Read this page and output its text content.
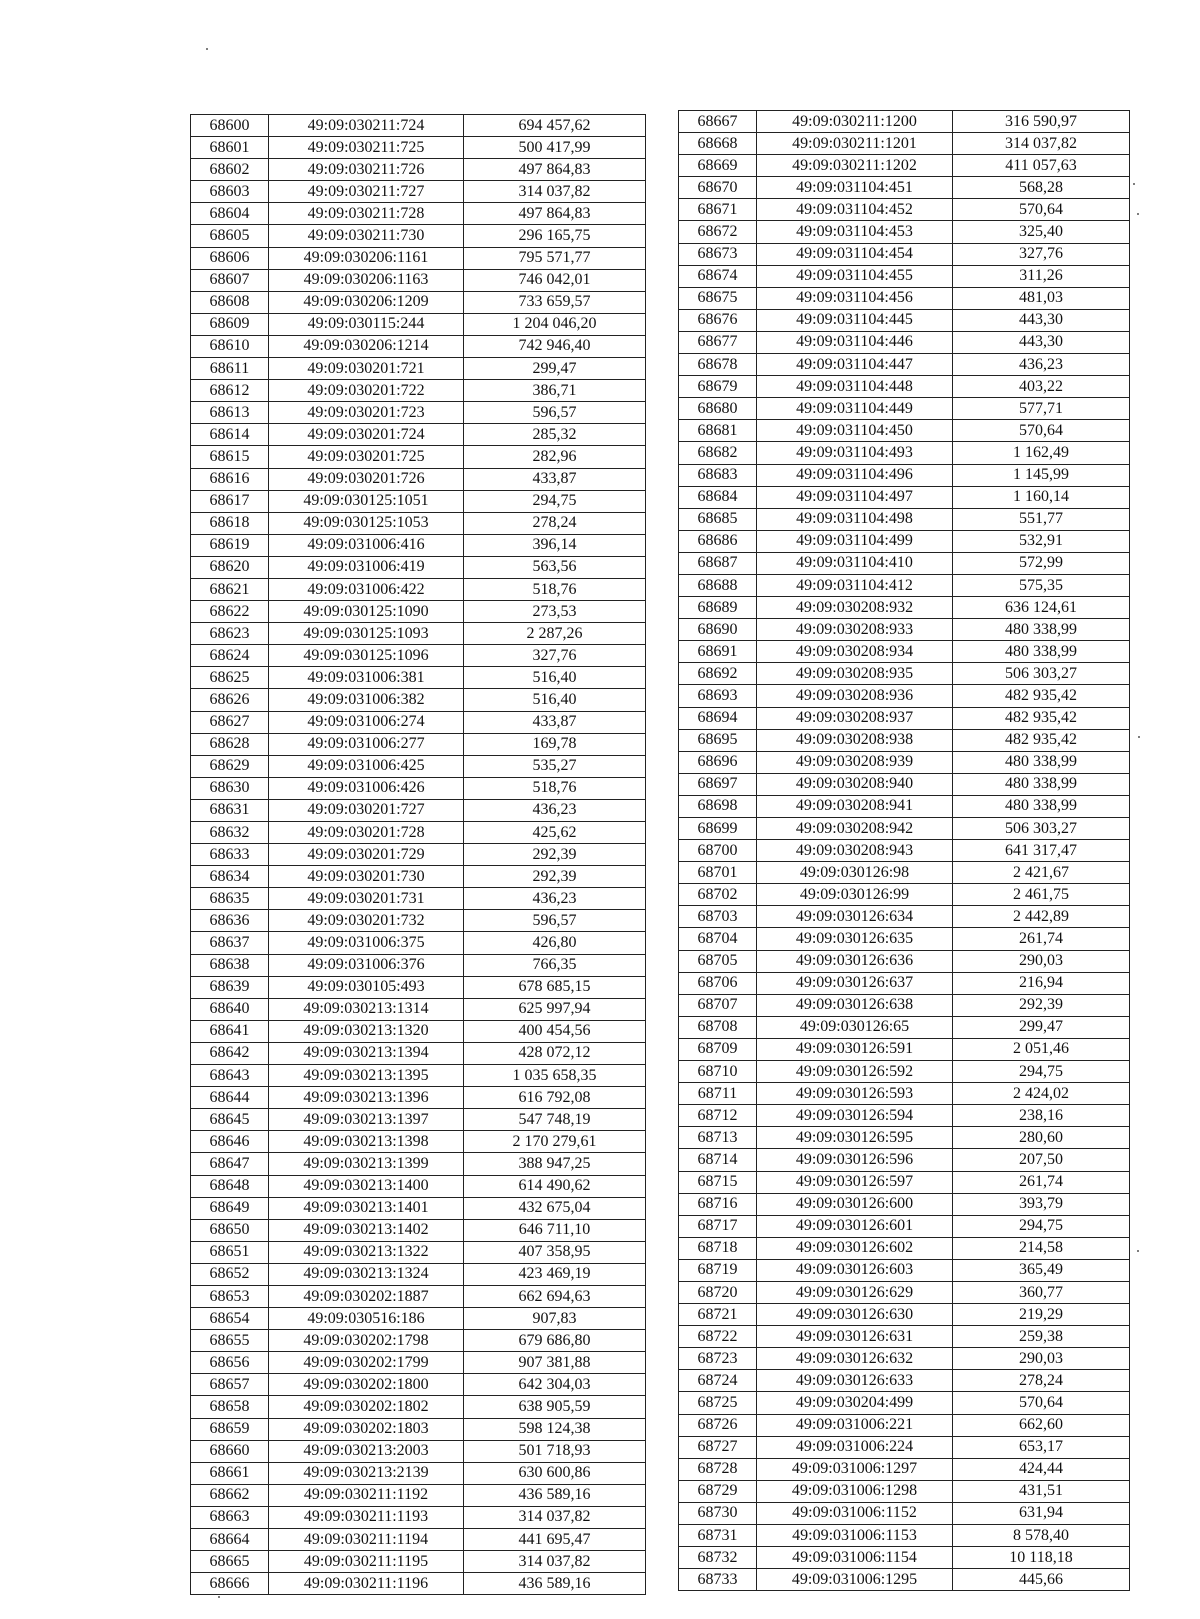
68600	49:09:030211:724	694 457,62
68601	49:09:030211:725	500 417,99
68602	49:09:030211:726	497 864,83
68603	49:09:030211:727	314 037,82
68604	49:09:030211:728	497 864,83
68605	49:09:030211:730	296 165,75
68606	49:09:030206:1161	795 571,77
68607	49:09:030206:1163	746 042,01
68608	49:09:030206:1209	733 659,57
68609	49:09:030115:244	1 204 046,20
68610	49:09:030206:1214	742 946,40
68611	49:09:030201:721	299,47
68612	49:09:030201:722	386,71
68613	49:09:030201:723	596,57
68614	49:09:030201:724	285,32
68615	49:09:030201:725	282,96
68616	49:09:030201:726	433,87
68617	49:09:030125:1051	294,75
68618	49:09:030125:1053	278,24
68619	49:09:031006:416	396,14
68620	49:09:031006:419	563,56
68621	49:09:031006:422	518,76
68622	49:09:030125:1090	273,53
68623	49:09:030125:1093	2 287,26
68624	49:09:030125:1096	327,76
68625	49:09:031006:381	516,40
68626	49:09:031006:382	516,40
68627	49:09:031006:274	433,87
68628	49:09:031006:277	169,78
68629	49:09:031006:425	535,27
68630	49:09:031006:426	518,76
68631	49:09:030201:727	436,23
68632	49:09:030201:728	425,62
68633	49:09:030201:729	292,39
68634	49:09:030201:730	292,39
68635	49:09:030201:731	436,23
68636	49:09:030201:732	596,57
68637	49:09:031006:375	426,80
68638	49:09:031006:376	766,35
68639	49:09:030105:493	678 685,15
68640	49:09:030213:1314	625 997,94
68641	49:09:030213:1320	400 454,56
68642	49:09:030213:1394	428 072,12
68643	49:09:030213:1395	1 035 658,35
68644	49:09:030213:1396	616 792,08
68645	49:09:030213:1397	547 748,19
68646	49:09:030213:1398	2 170 279,61
68647	49:09:030213:1399	388 947,25
68648	49:09:030213:1400	614 490,62
68649	49:09:030213:1401	432 675,04
68650	49:09:030213:1402	646 711,10
68651	49:09:030213:1322	407 358,95
68652	49:09:030213:1324	423 469,19
68653	49:09:030202:1887	662 694,63
68654	49:09:030516:186	907,83
68655	49:09:030202:1798	679 686,80
68656	49:09:030202:1799	907 381,88
68657	49:09:030202:1800	642 304,03
68658	49:09:030202:1802	638 905,59
68659	49:09:030202:1803	598 124,38
68660	49:09:030213:2003	501 718,93
68661	49:09:030213:2139	630 600,86
68662	49:09:030211:1192	436 589,16
68663	49:09:030211:1193	314 037,82
68664	49:09:030211:1194	441 695,47
68665	49:09:030211:1195	314 037,82
68666	49:09:030211:1196	436 589,16
68667	49:09:030211:1200	316 590,97
68668	49:09:030211:1201	314 037,82
68669	49:09:030211:1202	411 057,63
68670	49:09:031104:451	568,28
68671	49:09:031104:452	570,64
68672	49:09:031104:453	325,40
68673	49:09:031104:454	327,76
68674	49:09:031104:455	311,26
68675	49:09:031104:456	481,03
68676	49:09:031104:445	443,30
68677	49:09:031104:446	443,30
68678	49:09:031104:447	436,23
68679	49:09:031104:448	403,22
68680	49:09:031104:449	577,71
68681	49:09:031104:450	570,64
68682	49:09:031104:493	1 162,49
68683	49:09:031104:496	1 145,99
68684	49:09:031104:497	1 160,14
68685	49:09:031104:498	551,77
68686	49:09:031104:499	532,91
68687	49:09:031104:410	572,99
68688	49:09:031104:412	575,35
68689	49:09:030208:932	636 124,61
68690	49:09:030208:933	480 338,99
68691	49:09:030208:934	480 338,99
68692	49:09:030208:935	506 303,27
68693	49:09:030208:936	482 935,42
68694	49:09:030208:937	482 935,42
68695	49:09:030208:938	482 935,42
68696	49:09:030208:939	480 338,99
68697	49:09:030208:940	480 338,99
68698	49:09:030208:941	480 338,99
68699	49:09:030208:942	506 303,27
68700	49:09:030208:943	641 317,47
68701	49:09:030126:98	2 421,67
68702	49:09:030126:99	2 461,75
68703	49:09:030126:634	2 442,89
68704	49:09:030126:635	261,74
68705	49:09:030126:636	290,03
68706	49:09:030126:637	216,94
68707	49:09:030126:638	292,39
68708	49:09:030126:65	299,47
68709	49:09:030126:591	2 051,46
68710	49:09:030126:592	294,75
68711	49:09:030126:593	2 424,02
68712	49:09:030126:594	238,16
68713	49:09:030126:595	280,60
68714	49:09:030126:596	207,50
68715	49:09:030126:597	261,74
68716	49:09:030126:600	393,79
68717	49:09:030126:601	294,75
68718	49:09:030126:602	214,58
68719	49:09:030126:603	365,49
68720	49:09:030126:629	360,77
68721	49:09:030126:630	219,29
68722	49:09:030126:631	259,38
68723	49:09:030126:632	290,03
68724	49:09:030126:633	278,24
68725	49:09:030204:499	570,64
68726	49:09:031006:221	662,60
68727	49:09:031006:224	653,17
68728	49:09:031006:1297	424,44
68729	49:09:031006:1298	431,51
68730	49:09:031006:1152	631,94
68731	49:09:031006:1153	8 578,40
68732	49:09:031006:1154	10 118,18
68733	49:09:031006:1295	445,66
